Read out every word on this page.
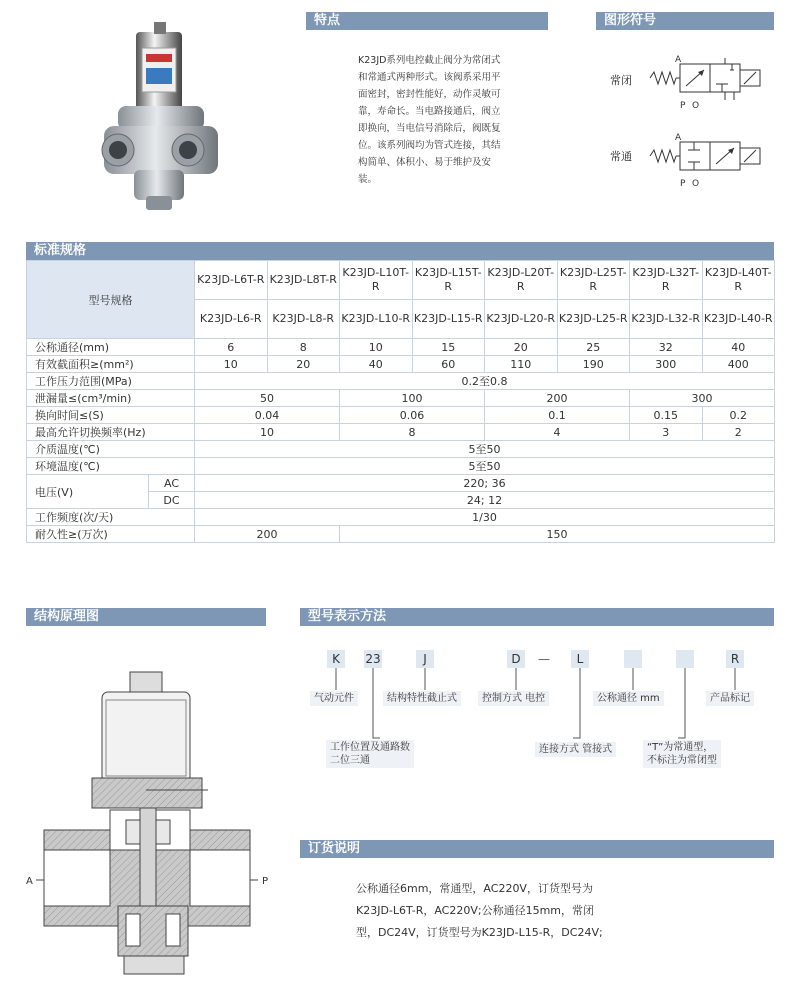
特点
K23JD系列电控截止阀分为常闭式和常通式两种形式。该阀系采用平面密封，密封性能好，动作灵敏可靠，寿命长。当电路接通后，阀立即换向，当电信号消除后，阀既复位。该系列阀均为管式连接，其结构简单、体积小、易于维护及安装。
图形符号
常闭
常通
A
P O
A
P O
标准规格
型号规格		K23JD-L6T-R	K23JD-L8T-R	K23JD-L10T-R	K23JD-L15T-R	K23JD-L20T-R	K23JD-L25T-R	K23JD-L32T-R	K23JD-L40T-R
		K23JD-L6-R	K23JD-L8-R	K23JD-L10-R	K23JD-L15-R	K23JD-L20-R	K23JD-L25-R	K23JD-L32-R	K23JD-L40-R
公称通径(mm)		6	8	10	15	20	25	32	40
有效截面积≥(mm²)		10	20	40	60	110	190	300	400
工作压力范围(MPa)		0.2至0.8							
泄漏量≤(cm³/min)		50		100		200		300	
换向时间≤(S)		0.04		0.06		0.1		0.15	0.2
最高允许切换频率(Hz)		10		8		4		3	2
介质温度(℃)		5至50							
环境温度(℃)		5至50							
电压(V)	AC	220; 36							
	DC	24; 12							
工作频度(次/天)		1/30							
耐久性≥(万次)		200		150					
结构原理图
A	P
型号表示方法
K	23	J	D	—	L	R
气动元件	结构特性截止式	控制方式 电控	公称通径 mm	产品标记
工作位置及通路数
二位三通
连接方式 管接式	“T”为常通型，
不标注为常闭型
订货说明
公称通径6mm，常通型，AC220V，订货型号为K23JD-L6T-R，AC220V;公称通径15mm，常闭型，DC24V，订货型号为K23JD-L15-R，DC24V;
